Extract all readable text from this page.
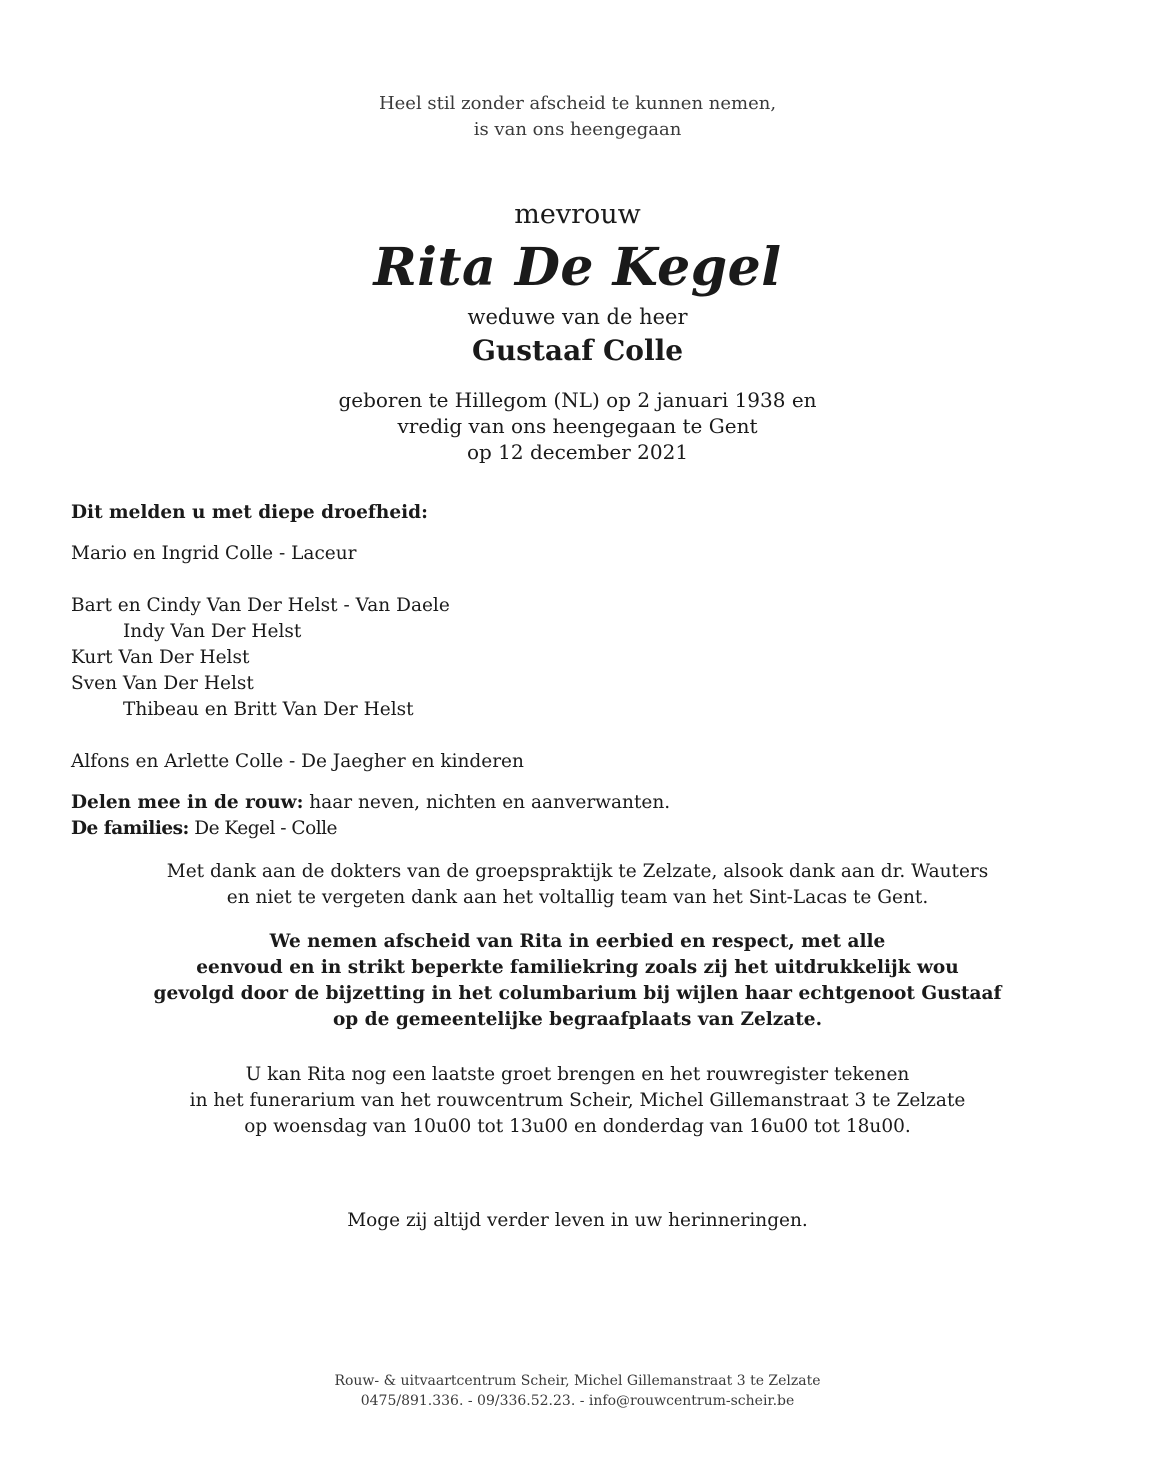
Heel stil zonder afscheid te kunnen nemen,
is van ons heengegaan
mevrouw
Rita De Kegel
weduwe van de heer
Gustaaf Colle
geboren te Hillegom (NL) op 2 januari 1938 en
vredig van ons heengegaan te Gent
op 12 december 2021
Dit melden u met diepe droefheid:
Mario en Ingrid Colle - Laceur
Bart en Cindy Van Der Helst - Van Daele
Indy Van Der Helst
Kurt Van Der Helst
Sven Van Der Helst
Thibeau en Britt Van Der Helst
Alfons en Arlette Colle - De Jaegher en kinderen
Delen mee in de rouw: haar neven, nichten en aanverwanten.
De families: De Kegel - Colle
Met dank aan de dokters van de groepspraktijk te Zelzate, alsook dank aan dr. Wauters
en niet te vergeten dank aan het voltallig team van het Sint-Lacas te Gent.
We nemen afscheid van Rita in eerbied en respect, met alle
eenvoud en in strikt beperkte familiekring zoals zij het uitdrukkelijk wou
gevolgd door de bijzetting in het columbarium bij wijlen haar echtgenoot Gustaaf
op de gemeentelijke begraafplaats van Zelzate.
U kan Rita nog een laatste groet brengen en het rouwregister tekenen
in het funerarium van het rouwcentrum Scheir, Michel Gillemanstraat 3 te Zelzate
op woensdag van 10u00 tot 13u00 en donderdag van 16u00 tot 18u00.
Moge zij altijd verder leven in uw herinneringen.
Rouw- & uitvaartcentrum Scheir, Michel Gillemanstraat 3 te Zelzate
0475/891.336. - 09/336.52.23. - info@rouwcentrum-scheir.be
